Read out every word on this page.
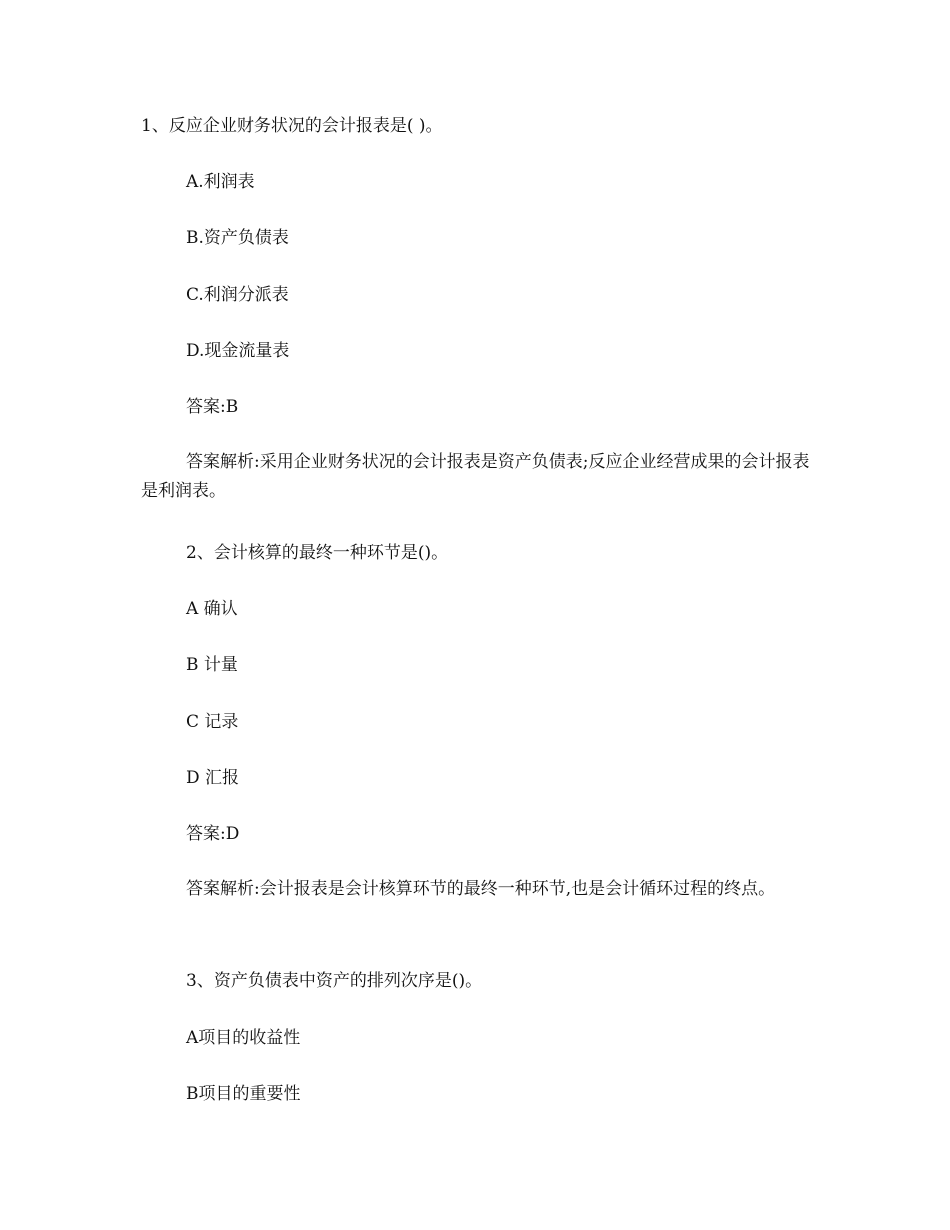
1、反应企业财务状况的会计报表是( )。
A.利润表
B.资产负债表
C.利润分派表
D.现金流量表
答案:B
答案解析:采用企业财务状况的会计报表是资产负债表;反应企业经营成果的会计报表是利润表。
2、会计核算的最终一种环节是()。
A 确认
B 计量
C 记录
D 汇报
答案:D
答案解析:会计报表是会计核算环节的最终一种环节,也是会计循环过程的终点。
3、资产负债表中资产的排列次序是()。
A项目的收益性
B项目的重要性
